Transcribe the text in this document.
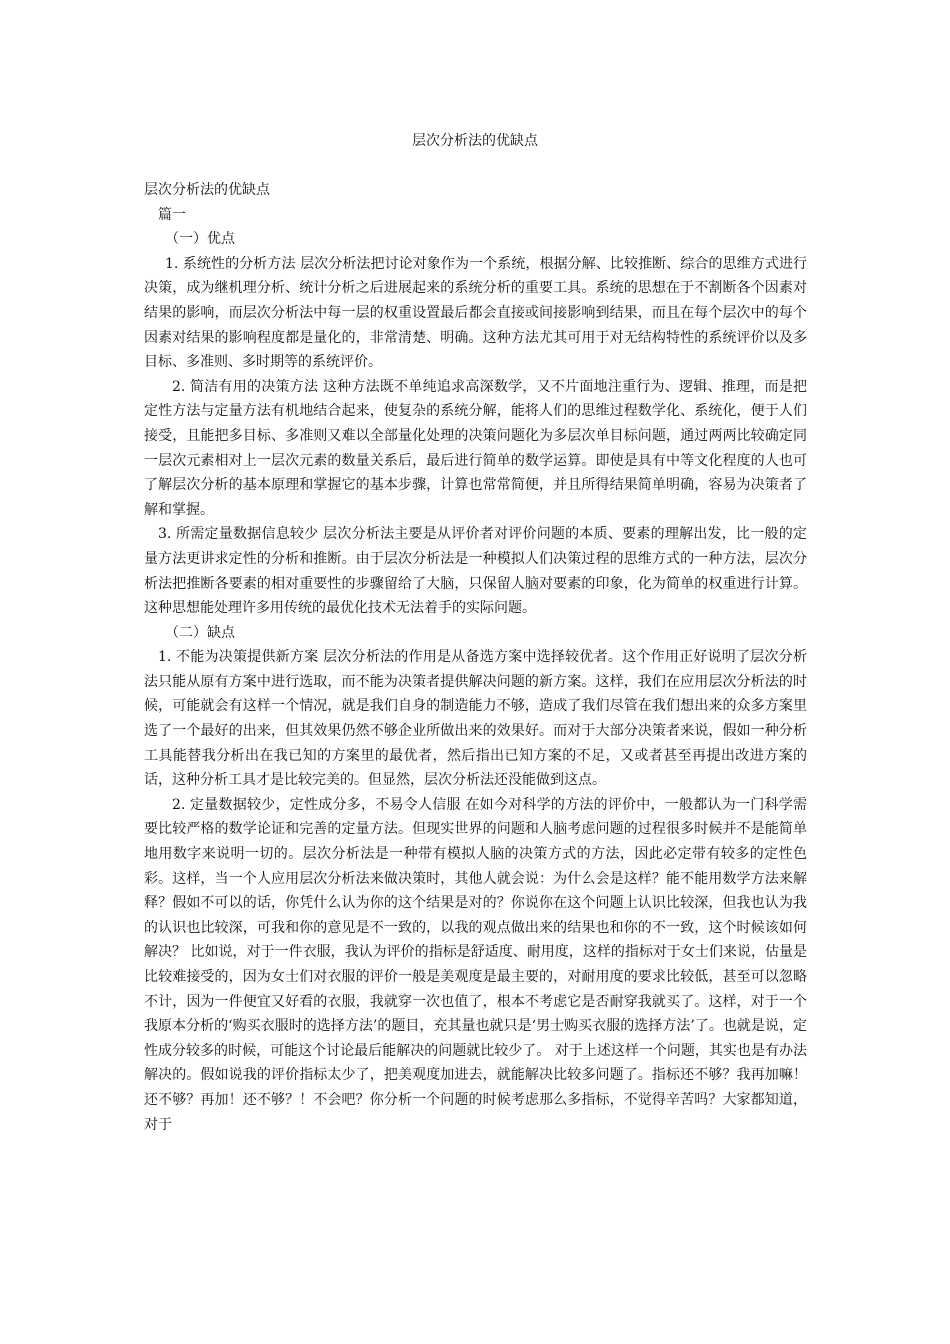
层次分析法的优缺点

层次分析法的优缺点

篇一

（一）优点

1. 系统性的分析方法 层次分析法把讨论对象作为一个系统，根据分解、比较推断、综合的思维方式进行决策，成为继机理分析、统计分析之后进展起来的系统分析的重要工具。系统的思想在于不割断各个因素对结果的影响，而层次分析法中每一层的权重设置最后都会直接或间接影响到结果，而且在每个层次中的每个因素对结果的影响程度都是量化的，非常清楚、明确。这种方法尤其可用于对无结构特性的系统评价以及多目标、多准则、多时期等的系统评价。

2. 简洁有用的决策方法 这种方法既不单纯追求高深数学，又不片面地注重行为、逻辑、推理，而是把定性方法与定量方法有机地结合起来，使复杂的系统分解，能将人们的思维过程数学化、系统化，便于人们接受，且能把多目标、多准则又难以全部量化处理的决策问题化为多层次单目标问题，通过两两比较确定同一层次元素相对上一层次元素的数量关系后，最后进行简单的数学运算。即使是具有中等文化程度的人也可了解层次分析的基本原理和掌握它的基本步骤，计算也常常简便，并且所得结果简单明确，容易为决策者了解和掌握。

3. 所需定量数据信息较少 层次分析法主要是从评价者对评价问题的本质、要素的理解出发，比一般的定量方法更讲求定性的分析和推断。由于层次分析法是一种模拟人们决策过程的思维方式的一种方法，层次分析法把推断各要素的相对重要性的步骤留给了大脑，只保留人脑对要素的印象，化为简单的权重进行计算。这种思想能处理许多用传统的最优化技术无法着手的实际问题。

（二）缺点

1. 不能为决策提供新方案 层次分析法的作用是从备选方案中选择较优者。这个作用正好说明了层次分析法只能从原有方案中进行选取，而不能为决策者提供解决问题的新方案。这样，我们在应用层次分析法的时候，可能就会有这样一个情况，就是我们自身的制造能力不够，造成了我们尽管在我们想出来的众多方案里选了一个最好的出来，但其效果仍然不够企业所做出来的效果好。而对于大部分决策者来说，假如一种分析工具能替我分析出在我已知的方案里的最优者，然后指出已知方案的不足，又或者甚至再提出改进方案的话，这种分析工具才是比较完美的。但显然，层次分析法还没能做到这点。

2. 定量数据较少，定性成分多，不易令人信服 在如今对科学的方法的评价中，一般都认为一门科学需要比较严格的数学论证和完善的定量方法。但现实世界的问题和人脑考虑问题的过程很多时候并不是能简单地用数字来说明一切的。层次分析法是一种带有模拟人脑的决策方式的方法，因此必定带有较多的定性色彩。这样，当一个人应用层次分析法来做决策时，其他人就会说：为什么会是这样？能不能用数学方法来解释？假如不可以的话，你凭什么认为你的这个结果是对的？你说你在这个问题上认识比较深，但我也认为我的认识也比较深，可我和你的意见是不一致的，以我的观点做出来的结果也和你的不一致，这个时候该如何解决？ 比如说，对于一件衣服，我认为评价的指标是舒适度、耐用度，这样的指标对于女士们来说，估量是比较难接受的，因为女士们对衣服的评价一般是美观度是最主要的，对耐用度的要求比较低，甚至可以忽略不计，因为一件便宜又好看的衣服，我就穿一次也值了，根本不考虑它是否耐穿我就买了。这样，对于一个我原本分析的‘购买衣服时的选择方法’的题目，充其量也就只是‘男士购买衣服的选择方法’了。也就是说，定性成分较多的时候，可能这个讨论最后能解决的问题就比较少了。 对于上述这样一个问题，其实也是有办法解决的。假如说我的评价指标太少了，把美观度加进去，就能解决比较多问题了。指标还不够？我再加嘛！还不够？再加！还不够？！不会吧？你分析一个问题的时候考虑那么多指标，不觉得辛苦吗？大家都知道，对于
